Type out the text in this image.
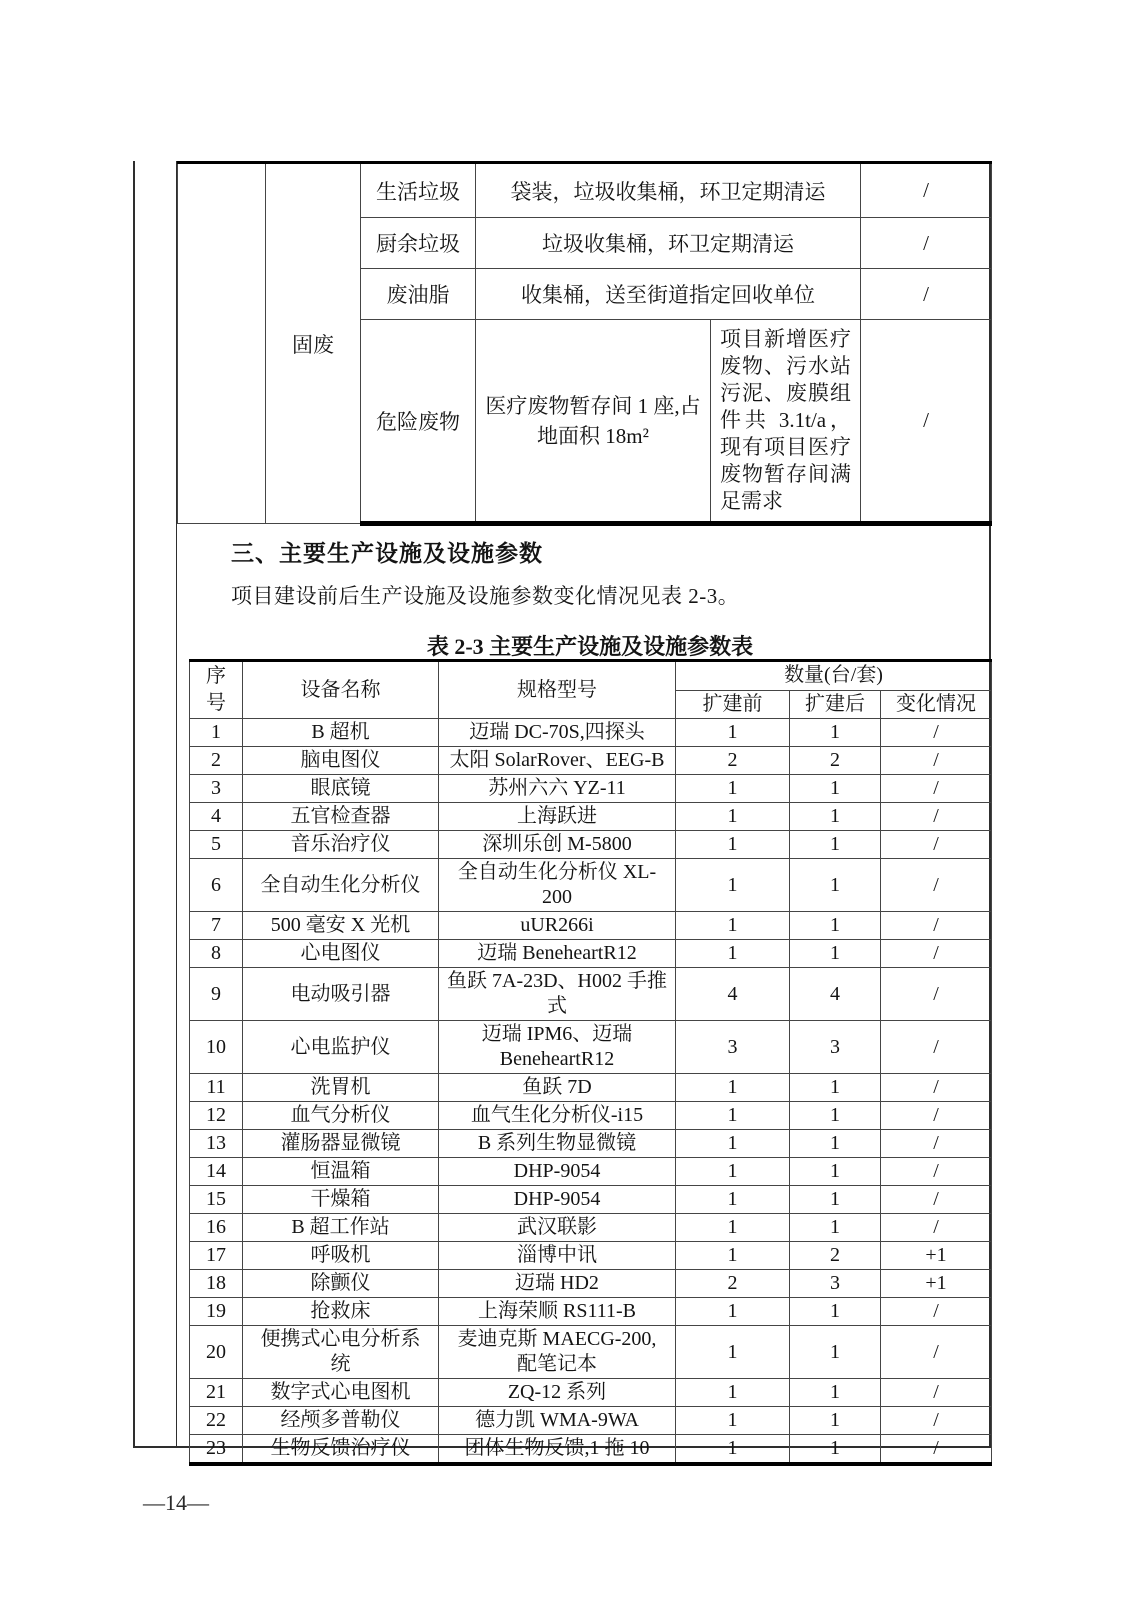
	固废	生活垃圾	袋装，垃圾收集桶，环卫定期清运		/
		厨余垃圾	垃圾收集桶，环卫定期清运		/
		废油脂	收集桶，送至街道指定回收单位		/
		危险废物	医疗废物暂存间 1 座,占地面积 18m²	项目新增医疗废物、污水站污泥、废膜组件共 3.1t/a，现有项目医疗废物暂存间满足需求	/
三、主要生产设施及设施参数
项目建设前后生产设施及设施参数变化情况见表 2-3。
表 2-3 主要生产设施及设施参数表
序号	设备名称	规格型号	数量(台/套)		
			扩建前	扩建后	变化情况
1	B 超机	迈瑞 DC-70S,四探头	1	1	/
2	脑电图仪	太阳 SolarRover、EEG-B	2	2	/
3	眼底镜	苏州六六 YZ-11	1	1	/
4	五官检查器	上海跃进	1	1	/
5	音乐治疗仪	深圳乐创 M-5800	1	1	/
6	全自动生化分析仪	全自动生化分析仪 XL-200	1	1	/
7	500 毫安 X 光机	uUR266i	1	1	/
8	心电图仪	迈瑞 BeneheartR12	1	1	/
9	电动吸引器	鱼跃 7A-23D、H002 手推式	4	4	/
10	心电监护仪	迈瑞 IPM6、迈瑞 BeneheartR12	3	3	/
11	洗胃机	鱼跃 7D	1	1	/
12	血气分析仪	血气生化分析仪-i15	1	1	/
13	灌肠器显微镜	B 系列生物显微镜	1	1	/
14	恒温箱	DHP-9054	1	1	/
15	干燥箱	DHP-9054	1	1	/
16	B 超工作站	武汉联影	1	1	/
17	呼吸机	淄博中讯	1	2	+1
18	除颤仪	迈瑞 HD2	2	3	+1
19	抢救床	上海荣顺 RS111-B	1	1	/
20	便携式心电分析系统	麦迪克斯 MAECG-200, 配笔记本	1	1	/
21	数字式心电图机	ZQ-12 系列	1	1	/
22	经颅多普勒仪	德力凯 WMA-9WA	1	1	/
23	生物反馈治疗仪	团体生物反馈,1 拖 10	1	1	/
—14—
